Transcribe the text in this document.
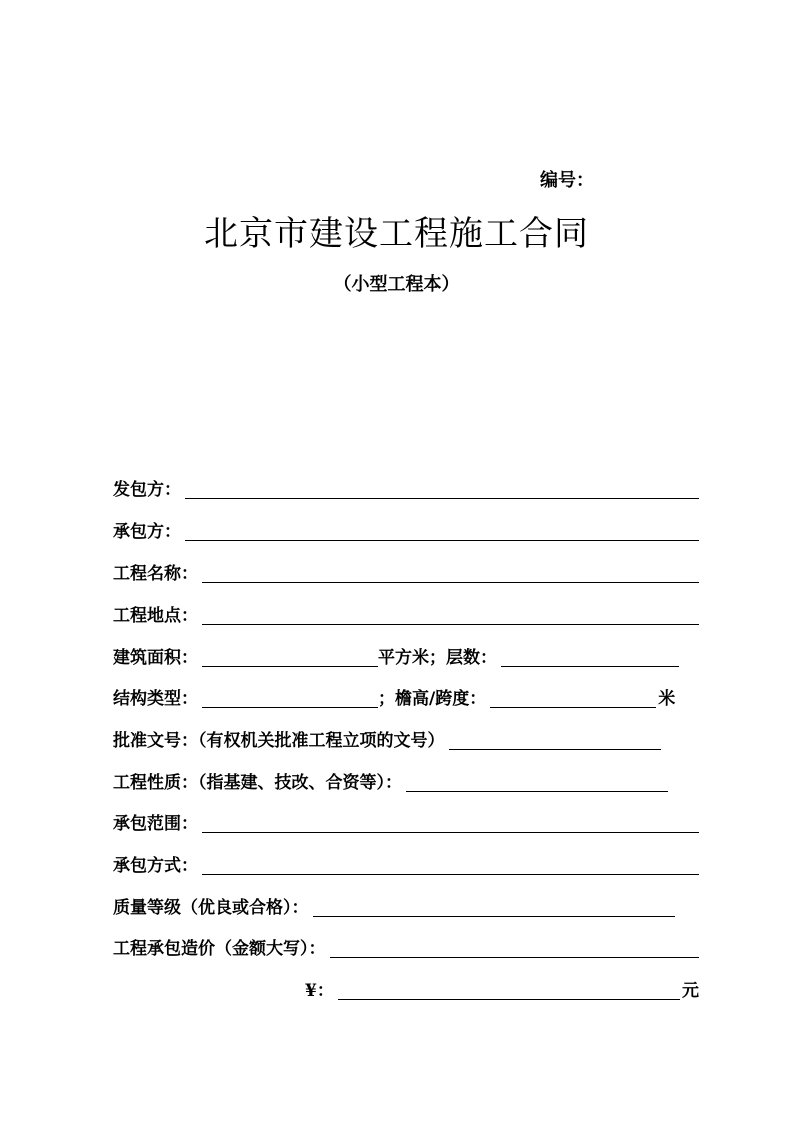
编号：
北京市建设工程施工合同
（小型工程本）
发包方：
承包方：
工程名称：
工程地点：
建筑面积：	平方米；层数：
结构类型：	；檐高/跨度：	米
批准文号：（有权机关批准工程立项的文号）
工程性质：（指基建、技改、合资等）：
承包范围：
承包方式：
质量等级（优良或合格）：
工程承包造价（金额大写）：
¥：	元
